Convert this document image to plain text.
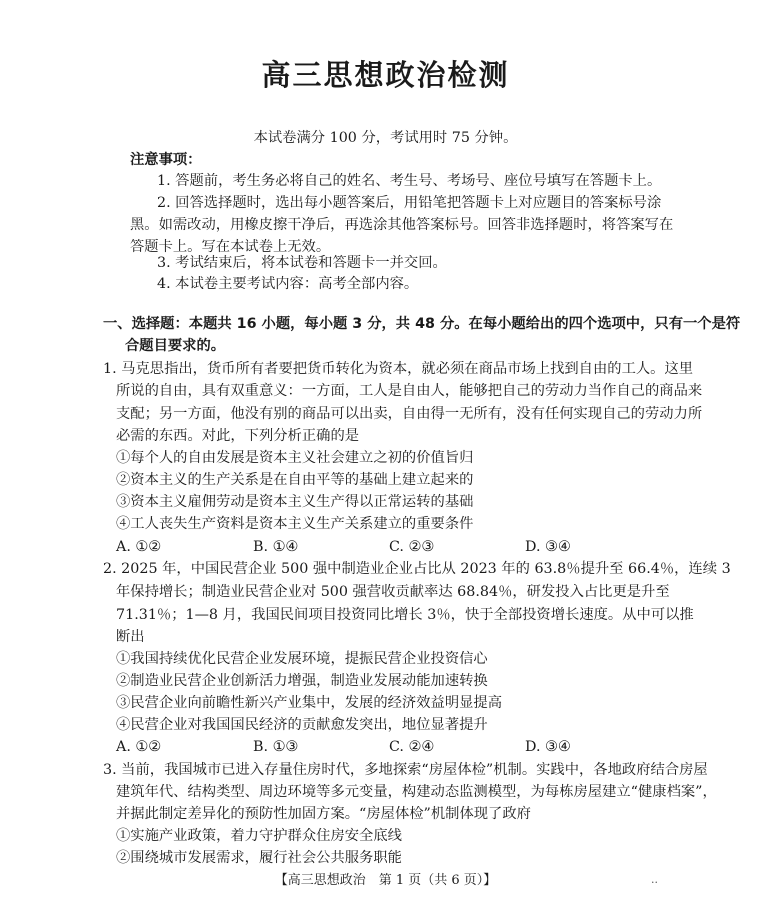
高三思想政治检测
本试卷满分 100 分，考试用时 75 分钟。
注意事项：
1. 答题前，考生务必将自己的姓名、考生号、考场号、座位号填写在答题卡上。
2. 回答选择题时，选出每小题答案后，用铅笔把答题卡上对应题目的答案标号涂
黑。如需改动，用橡皮擦干净后，再选涂其他答案标号。回答非选择题时，将答案写在
答题卡上。写在本试卷上无效。
3. 考试结束后，将本试卷和答题卡一并交回。
4. 本试卷主要考试内容：高考全部内容。
一、选择题：本题共 16 小题，每小题 3 分，共 48 分。在每小题给出的四个选项中，只有一个是符
合题目要求的。
1. 马克思指出，货币所有者要把货币转化为资本，就必须在商品市场上找到自由的工人。这里
所说的自由，具有双重意义：一方面，工人是自由人，能够把自己的劳动力当作自己的商品来
支配；另一方面，他没有别的商品可以出卖，自由得一无所有，没有任何实现自己的劳动力所
必需的东西。对此，下列分析正确的是
①每个人的自由发展是资本主义社会建立之初的价值旨归
②资本主义的生产关系是在自由平等的基础上建立起来的
③资本主义雇佣劳动是资本主义生产得以正常运转的基础
④工人丧失生产资料是资本主义生产关系建立的重要条件
A. ①②	B. ①④	C. ②③	D. ③④
2. 2025 年，中国民营企业 500 强中制造业企业占比从 2023 年的 63.8％提升至 66.4％，连续 3
年保持增长；制造业民营企业对 500 强营收贡献率达 68.84％，研发投入占比更是升至
71.31％；1—8 月，我国民间项目投资同比增长 3％，快于全部投资增长速度。从中可以推
断出
①我国持续优化民营企业发展环境，提振民营企业投资信心
②制造业民营企业创新活力增强，制造业发展动能加速转换
③民营企业向前瞻性新兴产业集中，发展的经济效益明显提高
④民营企业对我国国民经济的贡献愈发突出，地位显著提升
A. ①②	B. ①③	C. ②④	D. ③④
3. 当前，我国城市已进入存量住房时代，多地探索“房屋体检”机制。实践中，各地政府结合房屋
建筑年代、结构类型、周边环境等多元变量，构建动态监测模型，为每栋房屋建立“健康档案”，
并据此制定差异化的预防性加固方案。“房屋体检”机制体现了政府
①实施产业政策，着力守护群众住房安全底线
②围绕城市发展需求，履行社会公共服务职能
【高三思想政治　第 1 页（共 6 页）】	··
